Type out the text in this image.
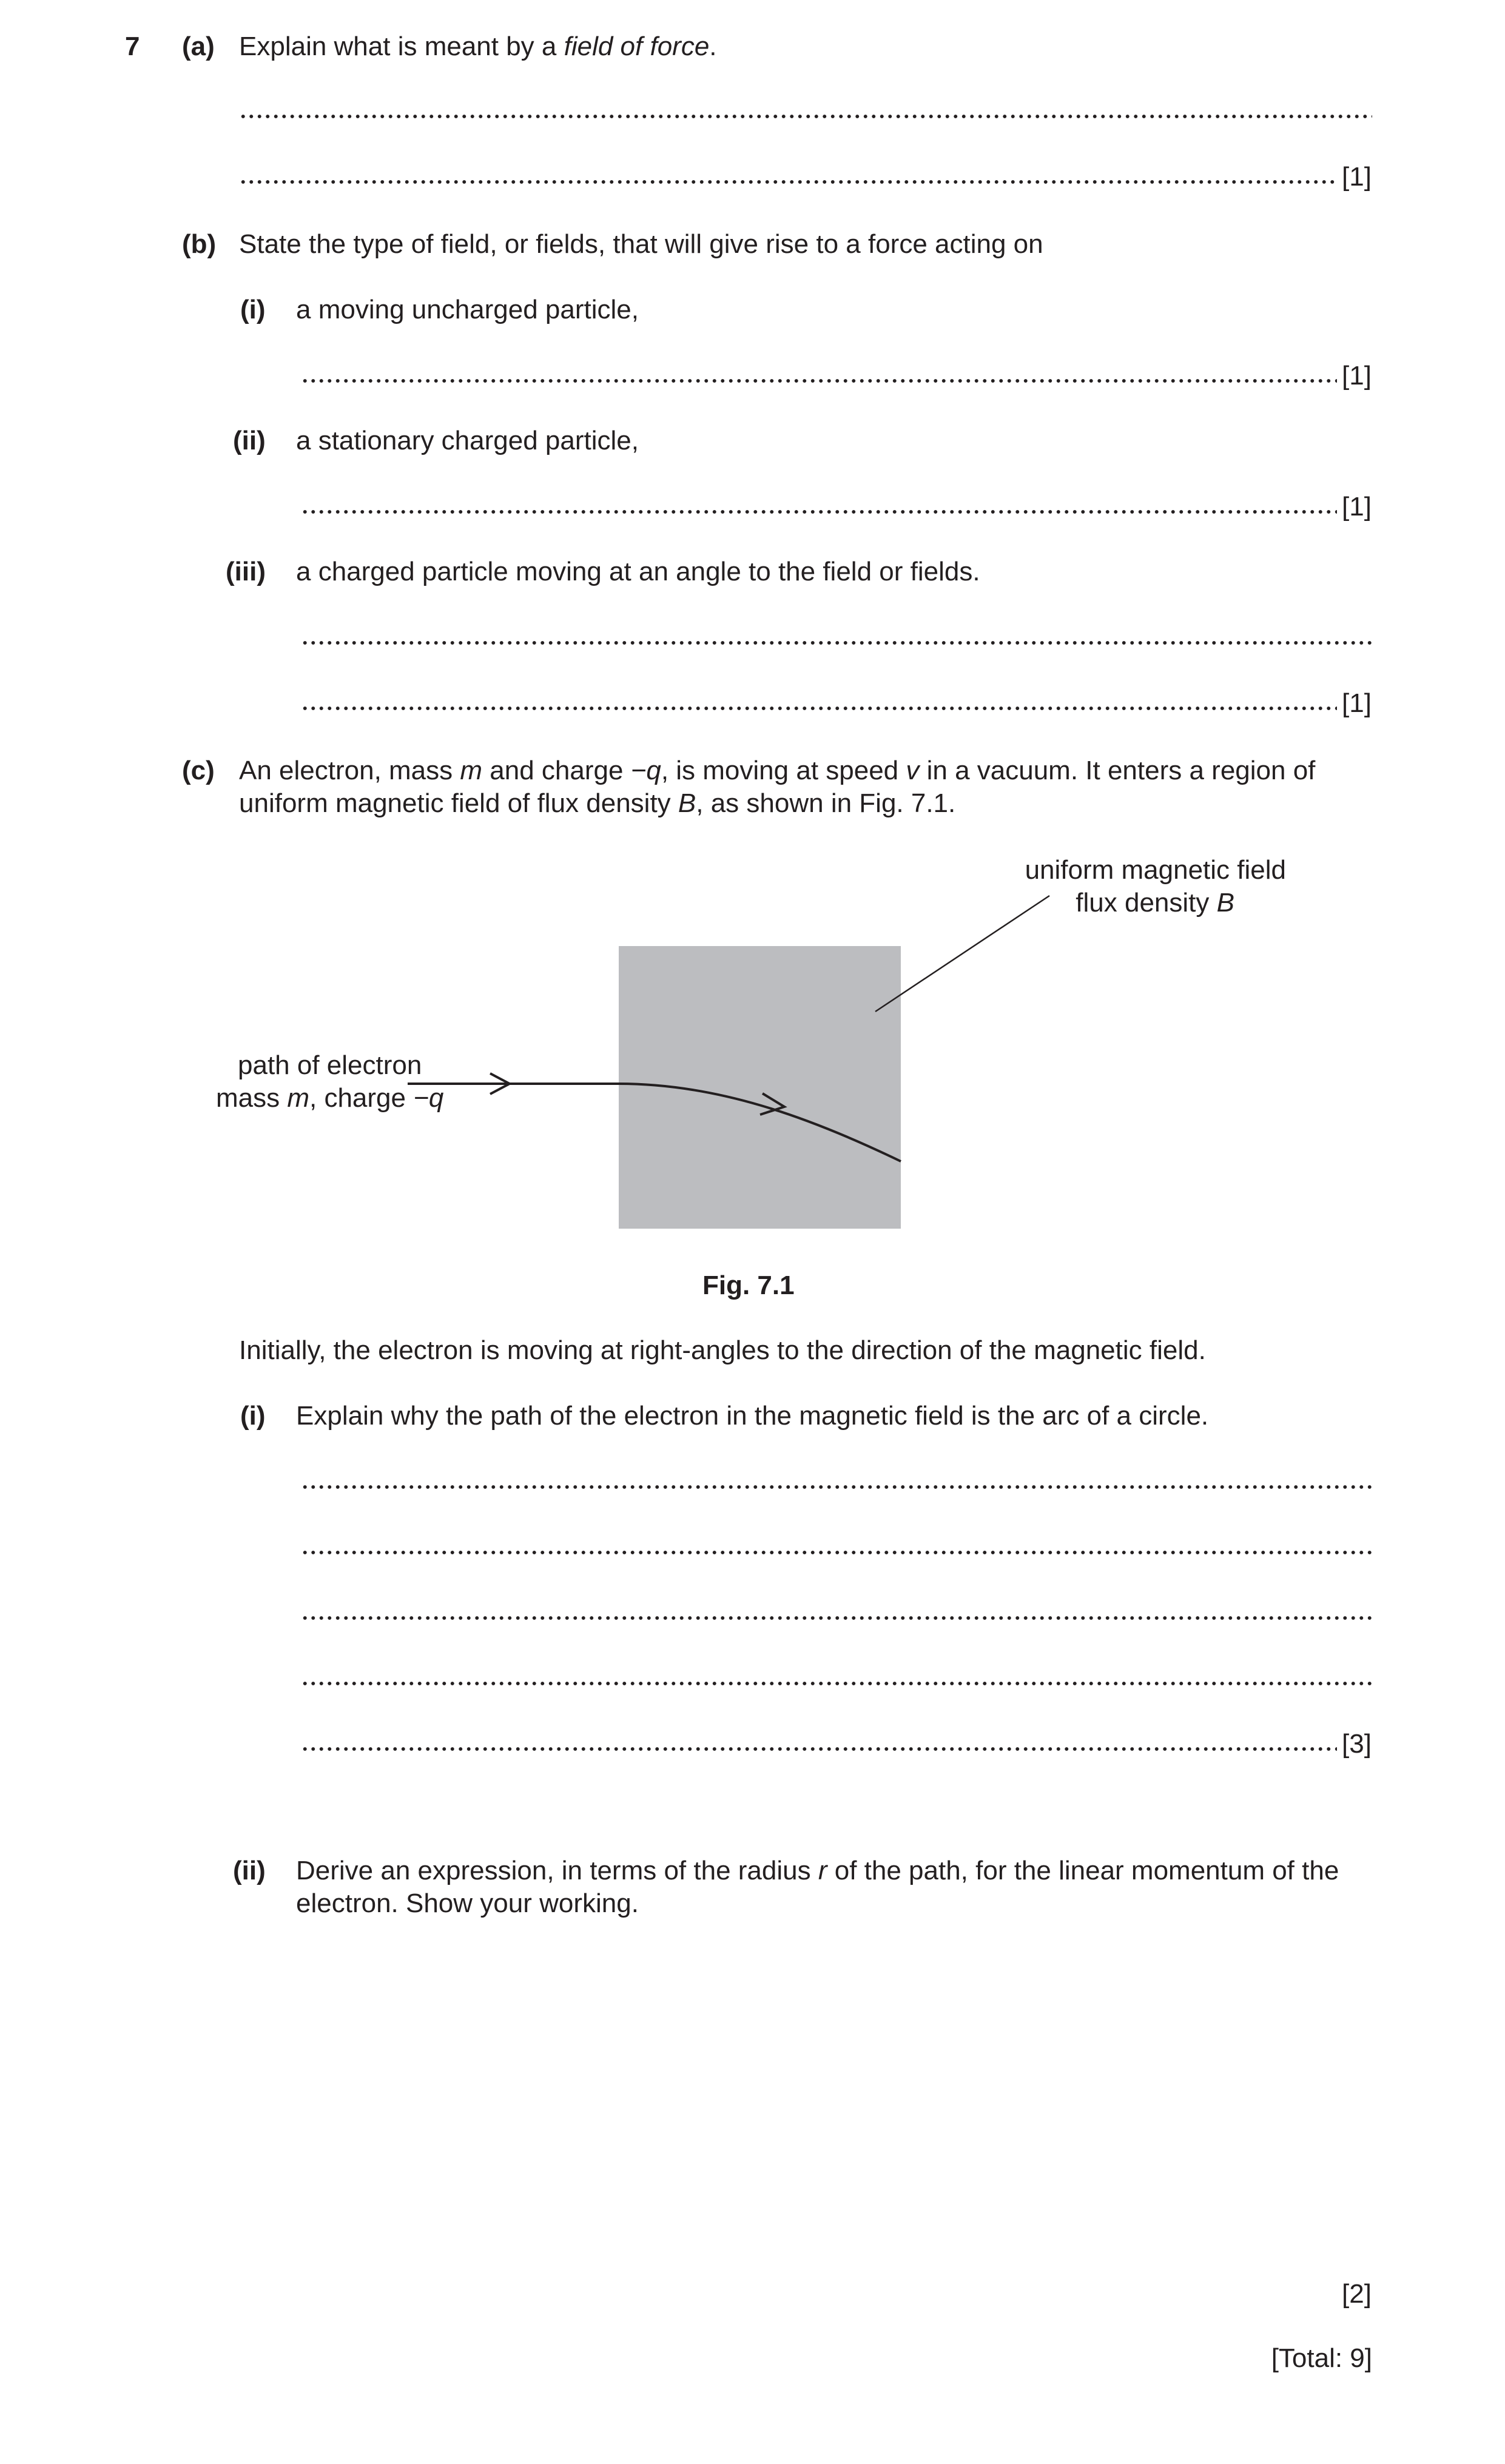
7 (a) Explain what is meant by a field of force.
[1]
(b) State the type of field, or fields, that will give rise to a force acting on
(i) a moving uncharged particle,
[1]
(ii) a stationary charged particle,
[1]
(iii) a charged particle moving at an angle to the field or fields.
[1]
(c) An electron, mass m and charge −q, is moving at speed v in a vacuum. It enters a region of
uniform magnetic field of flux density B, as shown in Fig. 7.1.
uniform magnetic field
flux density B
path of electron
mass m, charge −q
Fig. 7.1
Initially, the electron is moving at right-angles to the direction of the magnetic field.
(i) Explain why the path of the electron in the magnetic field is the arc of a circle.
[3]
(ii) Derive an expression, in terms of the radius r of the path, for the linear momentum of the
electron. Show your working.
[2]
[Total: 9]
